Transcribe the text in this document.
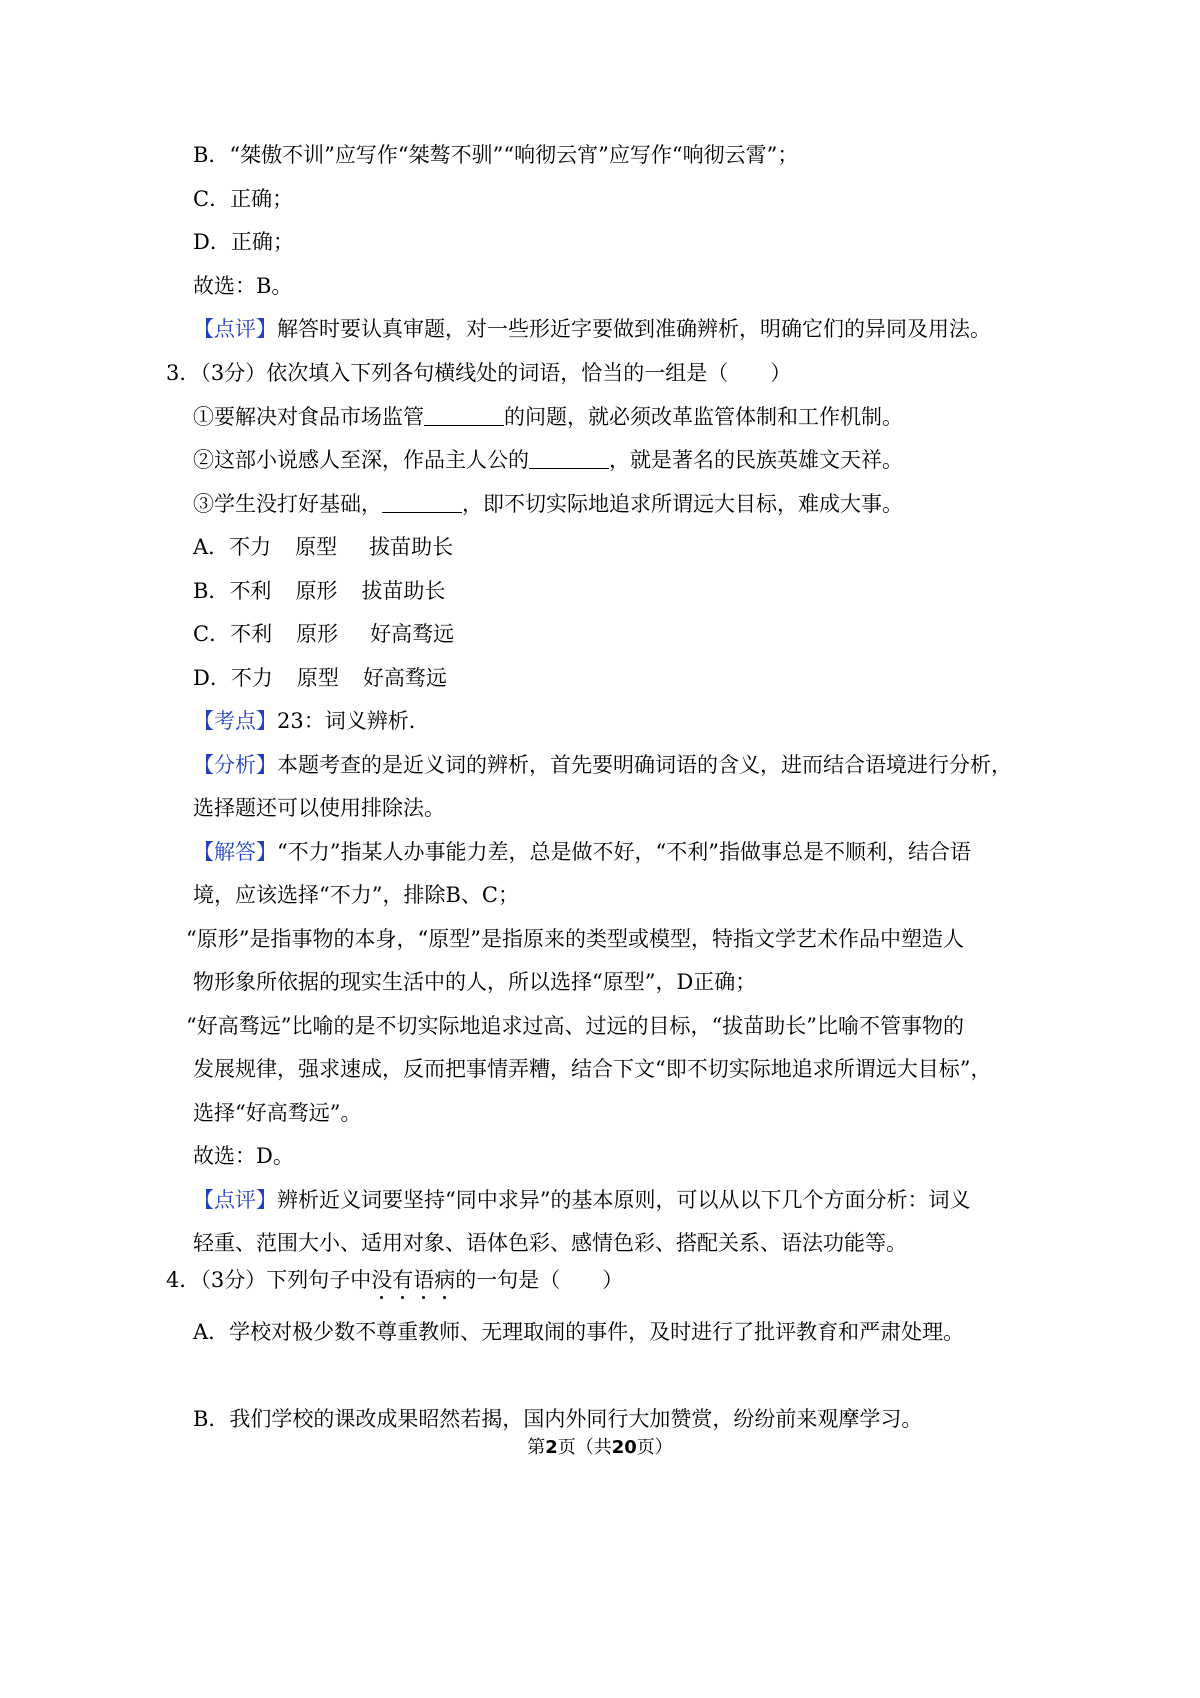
B．“桀傲不训”应写作“桀骜不驯”“响彻云宵”应写作“响彻云霄”；
C．正确；
D．正确；
故选：B。
【点评】解答时要认真审题，对一些形近字要做到准确辨析，明确它们的异同及用法。
3．（3分）依次填入下列各句横线处的词语，恰当的一组是（　　）
①要解决对食品市场监管	的问题，就必须改革监管体制和工作机制。
②这部小说感人至深，作品主人公的	，就是著名的民族英雄文天祥。
③学生没打好基础，	，即不切实际地追求所谓远大目标，难成大事。
A．不力 原型 拔苗助长
B．不利 原形 拔苗助长
C．不利 原形 好高骛远
D．不力 原型 好高骛远
【考点】23：词义辨析．
【分析】本题考查的是近义词的辨析，首先要明确词语的含义，进而结合语境进行分析，
选择题还可以使用排除法。
【解答】“不力”指某人办事能力差，总是做不好，“不利”指做事总是不顺利，结合语
境，应该选择“不力”，排除B、C；
“原形”是指事物的本身，“原型”是指原来的类型或模型，特指文学艺术作品中塑造人
物形象所依据的现实生活中的人，所以选择“原型”，D正确；
“好高骛远”比喻的是不切实际地追求过高、过远的目标，“拔苗助长”比喻不管事物的
发展规律，强求速成，反而把事情弄糟，结合下文“即不切实际地追求所谓远大目标”，
选择“好高骛远”。
故选：D。
【点评】辨析近义词要坚持“同中求异”的基本原则，可以从以下几个方面分析：词义
轻重、范围大小、适用对象、语体色彩、感情色彩、搭配关系、语法功能等。
4．（3分）下列句子中没有语病的一句是（　　）
A．学校对极少数不尊重教师、无理取闹的事件，及时进行了批评教育和严肃处理。
B．我们学校的课改成果昭然若揭，国内外同行大加赞赏，纷纷前来观摩学习。
第2页（共20页）
